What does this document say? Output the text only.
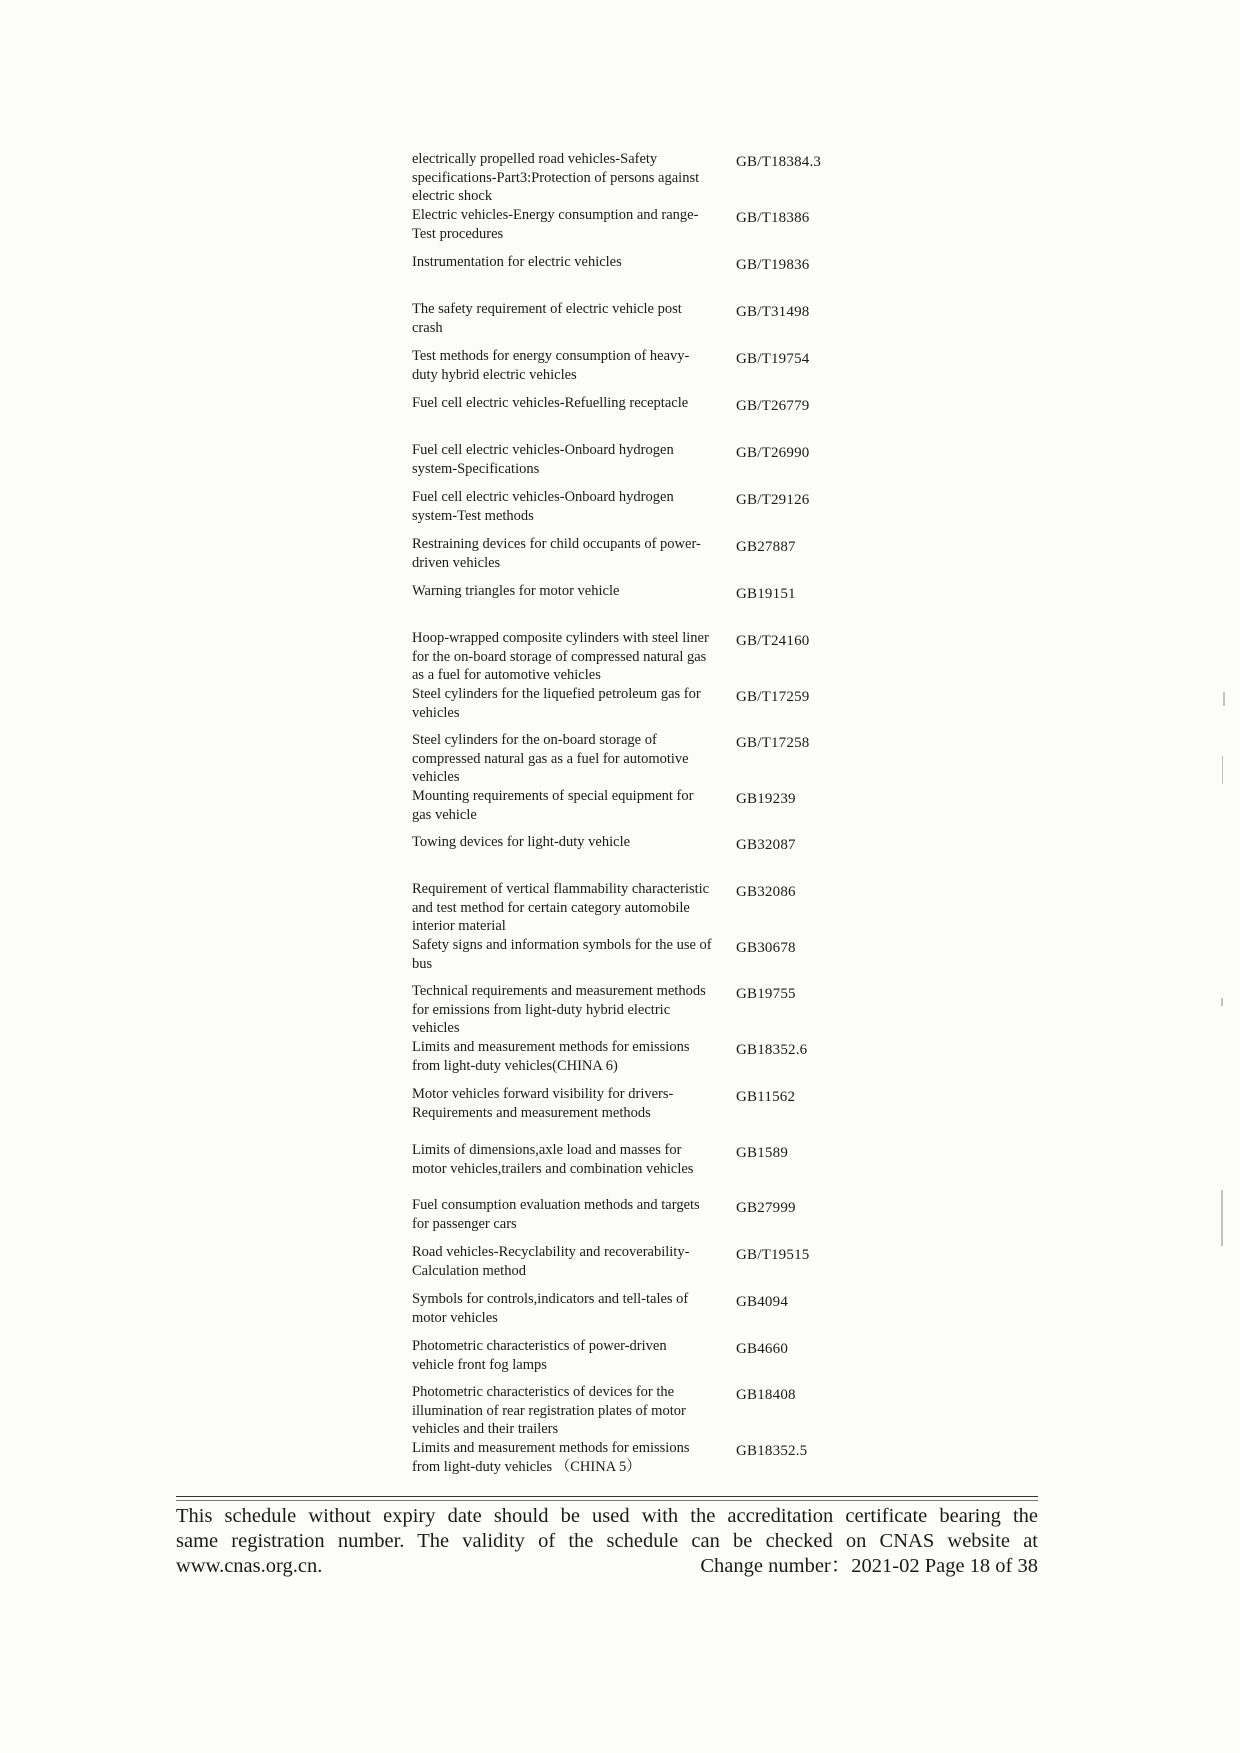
electrically propelled road vehicles-Safety specifications-Part3:Protection of persons against electric shock
GB/T18384.3
Electric vehicles-Energy consumption and range-Test procedures
GB/T18386
Instrumentation for electric vehicles	GB/T19836
The safety requirement of electric vehicle post crash
GB/T31498
Test methods for energy consumption of heavy-duty hybrid electric vehicles
GB/T19754
Fuel cell electric vehicles-Refuelling receptacle	GB/T26779
Fuel cell electric vehicles-Onboard hydrogen system-Specifications
GB/T26990
Fuel cell electric vehicles-Onboard hydrogen system-Test methods
GB/T29126
Restraining devices for child occupants of power-driven vehicles
GB27887
Warning triangles for motor vehicle	GB19151
Hoop-wrapped composite cylinders with steel liner for the on-board storage of compressed natural gas as a fuel for automotive vehicles
GB/T24160
Steel cylinders for the liquefied petroleum gas for vehicles
GB/T17259
Steel cylinders for the on-board storage of compressed natural gas as a fuel for automotive vehicles
GB/T17258
Mounting requirements of special equipment for gas vehicle
GB19239
Towing devices for light-duty vehicle	GB32087
Requirement of vertical flammability characteristic and test method for certain category automobile interior material
GB32086
Safety signs and information symbols for the use of bus
GB30678
Technical requirements and measurement methods for emissions from light-duty hybrid electric vehicles
GB19755
Limits and measurement methods for emissions from light-duty vehicles(CHINA 6)
GB18352.6
Motor vehicles forward visibility for drivers-Requirements and measurement methods
GB11562
Limits of dimensions,axle load and masses for motor vehicles,trailers and combination vehicles
GB1589
Fuel consumption evaluation methods and targets for passenger cars
GB27999
Road vehicles-Recyclability and recoverability-Calculation method
GB/T19515
Symbols for controls,indicators and tell-tales of motor vehicles
GB4094
Photometric characteristics of power-driven vehicle front fog lamps
GB4660
Photometric characteristics of devices for the illumination of rear registration plates of motor vehicles and their trailers
GB18408
Limits and measurement methods for emissions from light-duty vehicles （CHINA 5）
GB18352.5
This schedule without expiry date should be used with the accreditation certificate bearing the
same registration number. The validity of the schedule can be checked on CNAS website at
www.cnas.org.cn.	Change number：2021-02 Page 18 of 38
